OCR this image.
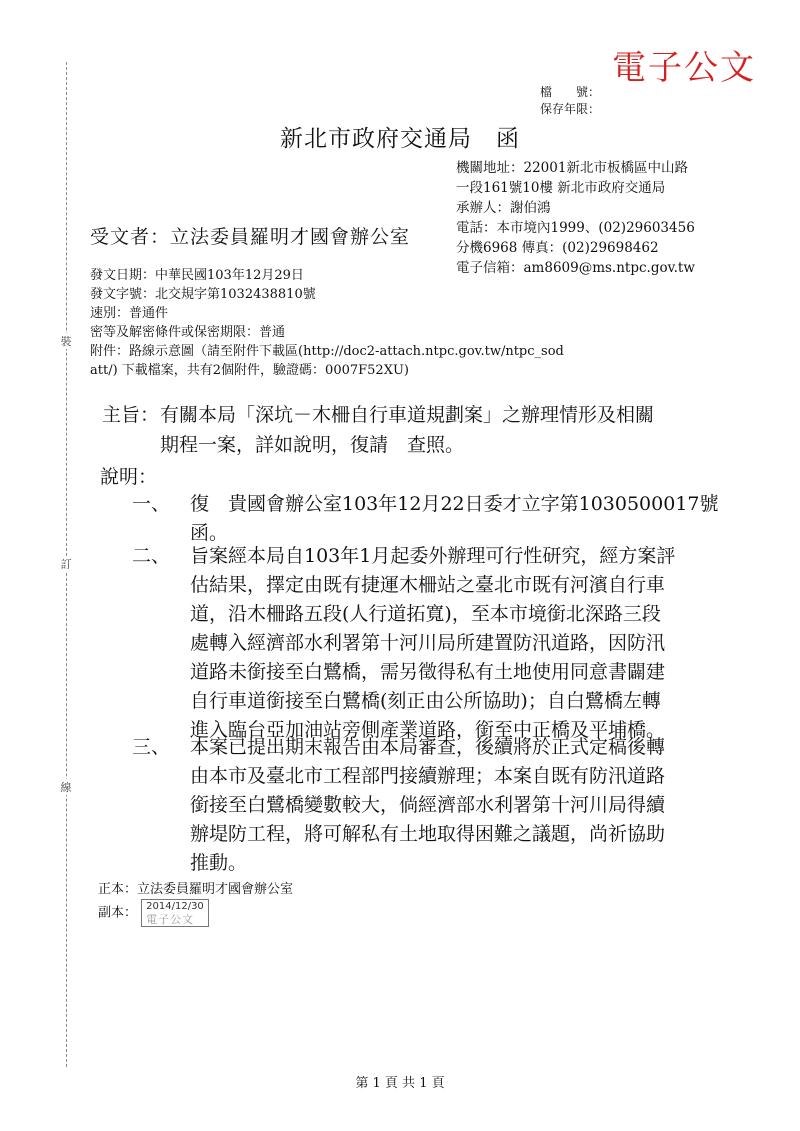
電子公文
檔　　號：
保存年限：
裝
訂
線
新北市政府交通局　函
機關地址：22001新北市板橋區中山路
一段161號10樓 新北市政府交通局
承辦人：謝伯鴻
電話：本市境內1999、(02)29603456
分機6968 傳真：(02)29698462
電子信箱：am8609@ms.ntpc.gov.tw
受文者：立法委員羅明才國會辦公室
發文日期：中華民國103年12月29日
發文字號：北交規字第1032438810號
速別：普通件
密等及解密條件或保密期限：普通
附件：路線示意圖（請至附件下載區(http://doc2-attach.ntpc.gov.tw/ntpc_sod
att/) 下載檔案，共有2個附件，驗證碼：0007F52XU)
主旨： 有關本局「深坑－木柵自行車道規劃案」之辦理情形及相關
期程一案，詳如說明，復請　查照。
說明：
一、 復　貴國會辦公室103年12月22日委才立字第1030500017號
函。
二、 旨案經本局自103年1月起委外辦理可行性研究，經方案評
估結果，擇定由既有捷運木柵站之臺北市既有河濱自行車
道，沿木柵路五段(人行道拓寬)，至本市境銜北深路三段
處轉入經濟部水利署第十河川局所建置防汛道路，因防汛
道路未銜接至白鷺橋，需另徵得私有土地使用同意書闢建
自行車道銜接至白鷺橋(刻正由公所協助)；自白鷺橋左轉
進入臨台亞加油站旁側產業道路，銜至中正橋及平埔橋。
三、 本案已提出期末報告由本局審查，後續將於正式定稿後轉
由本市及臺北市工程部門接續辦理；本案自既有防汛道路
銜接至白鷺橋變數較大，倘經濟部水利署第十河川局得續
辦堤防工程，將可解私有土地取得困難之議題，尚祈協助
推動。
正本：立法委員羅明才國會辦公室
副本： 2014/12/30
電子公文
第 1 頁 共 1 頁
